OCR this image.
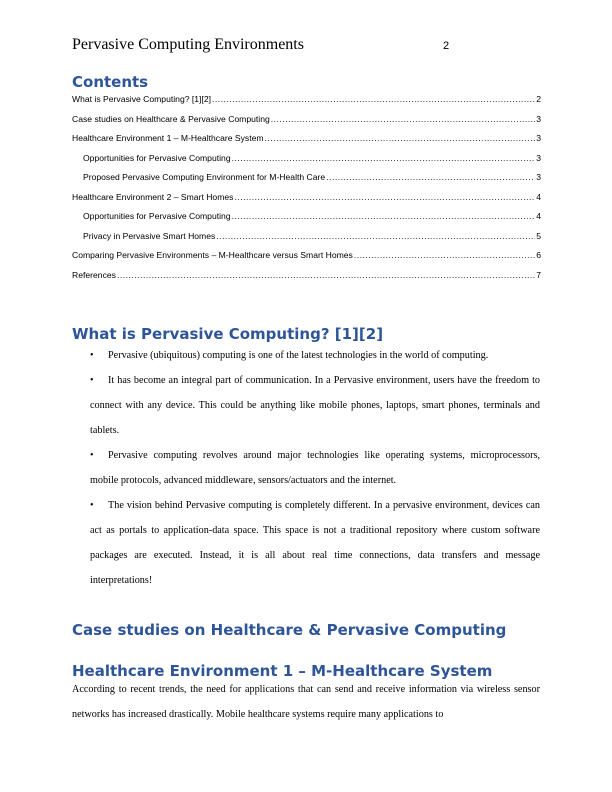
Pervasive Computing Environments	2
Contents
What is Pervasive Computing? [1][2] .....	2
Case studies on Healthcare & Pervasive Computing .....	3
Healthcare Environment 1 – M-Healthcare System .....	3
Opportunities for Pervasive Computing .....	3
Proposed Pervasive Computing Environment for M-Health Care .....	3
Healthcare Environment 2 – Smart Homes .....	4
Opportunities for Pervasive Computing .....	4
Privacy in Pervasive Smart Homes .....	5
Comparing Pervasive Environments – M-Healthcare versus Smart Homes .....	6
References .....	7
What is Pervasive Computing? [1][2]
•Pervasive (ubiquitous) computing is one of the latest technologies in the world of computing.
•It has become an integral part of communication. In a Pervasive environment, users have the freedom to connect with any device. This could be anything like mobile phones, laptops, smart phones, terminals and tablets.
•Pervasive computing revolves around major technologies like operating systems, microprocessors, mobile protocols, advanced middleware, sensors/actuators and the internet.
•The vision behind Pervasive computing is completely different. In a pervasive environment, devices can act as portals to application-data space. This space is not a traditional repository where custom software packages are executed. Instead, it is all about real time connections, data transfers and message interpretations!
Case studies on Healthcare & Pervasive Computing
Healthcare Environment 1 – M-Healthcare System
According to recent trends, the need for applications that can send and receive information via wireless sensor networks has increased drastically. Mobile healthcare systems require many applications to
